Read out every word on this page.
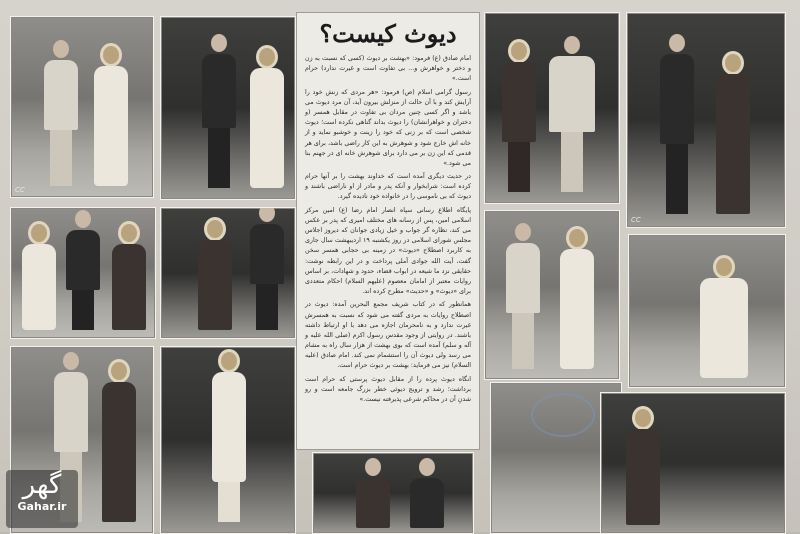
CC
دیوث کیست؟

امام صادق (ع) فرمود: «بهشت بر دیوث (کسی که نسبت به زن و دختر و خواهرش و... بی تفاوت است و غیرت ندارد) حرام است.»

رسول گرامی اسلام (ص) فرمود: «هر مردی که زنش خود را آرایش کند و با آن حالت از منزلش بیرون آید، آن مرد دیوث می باشد و اگر کسی چنین مردان بی تفاوت در مقابل همسر (و دختران و خواهرانشان) را دیوث بداند گناهی نکرده است؛ دیوث شخصی است که بر زنی که خود را زینت و خوشبو نماید و از خانه اش خارج شود و شوهرش به این کار راضی باشد، برای هر قدمی که این زن بر می دارد برای شوهرش خانه ای در جهنم بنا می شود.»

در حدیث دیگری آمده است که خداوند بهشت را بر آنها حرام کرده است: شرابخوار و آنکه پدر و مادر از او ناراضی باشند و دیوث که بی ناموسی را در خانواده خود نادیده گیرد.

پایگاه اطلاع رسانی سپاه انصار امام رضا (ع) امین مرکز اسلامی امین، پس از رسانه های مختلف امیری که پدر بر عکس می کند، نظاره گر جواب و خیل زیادی جوانان که دیروز اجلاس مجلس شورای اسلامی در روز یکشنبه ۱۹ اردیبهشت سال جاری به کاربرد اصطلاح «دیوث» در زمینه بی حجابی همسر سخن گفت، آیت الله جوادی آملی پرداخت و در این رابطه نوشت: حقایقی نزد ما شیعه در ابواب قضاء، حدود و شهادات، بر اساس روایات معتبر از امامان معصوم (علیهم السلام) احکام متعددی برای «دیوث» و «حدیث» مطرح کرده اند.

همانطور که در کتاب شریف مجمع البحرین آمده: دیوث در اصطلاح روایات به مردی گفته می شود که نسبت به همسرش غیرت ندارد و به نامحرمان اجازه می دهد با او ارتباط داشته باشند. در روایتی از وجود مقدس رسول اکرم (صلی الله علیه و آله و سلم) آمده است که بوی بهشت از هزار سال راه به مشام می رسد ولی دیوث آن را استشمام نمی کند. امام صادق (علیه السلام) نیز می فرماید: بهشت بر دیوث حرام است.

انگاه دیوث پرده را از مقابل دیوث پرستی که حرام است برداشت؛ رشد و ترویج دیوثی خطر بزرگ جامعه است و رو شدنِ آن در محاکم شرعی پذیرفته نیست.»

CC
گهر
Gahar.ir
